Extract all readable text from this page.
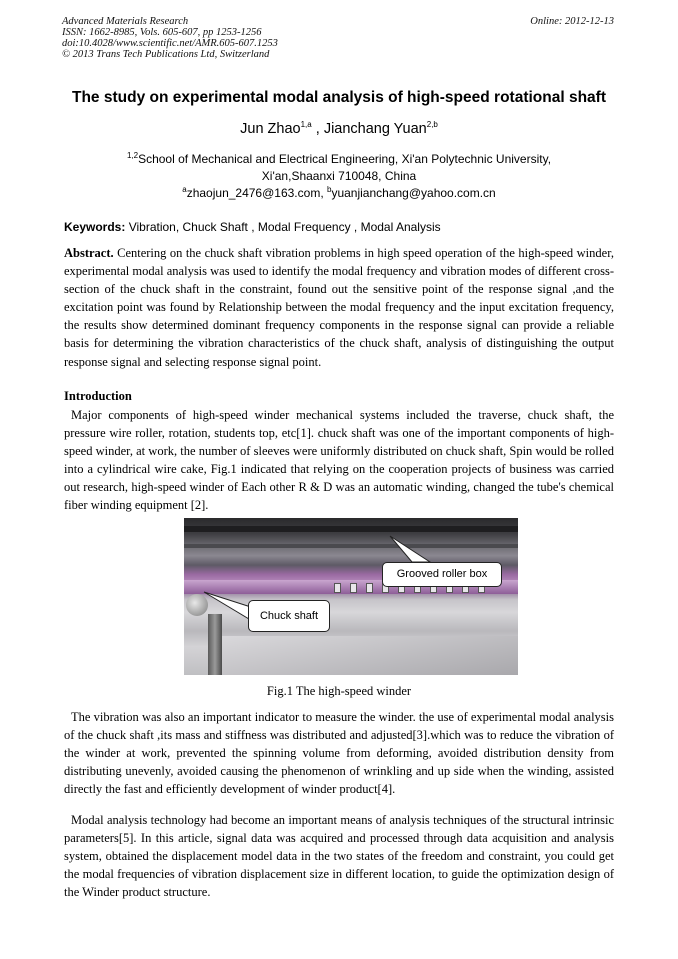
Advanced Materials Research
ISSN: 1662-8985, Vols. 605-607, pp 1253-1256
doi:10.4028/www.scientific.net/AMR.605-607.1253
© 2013 Trans Tech Publications Ltd, Switzerland
Online: 2012-12-13
The study on experimental modal analysis of high-speed rotational shaft
Jun Zhao$^{1,a}$ , Jianchang Yuan$^{2,b}$
$^{1,2}$School of Mechanical and Electrical Engineering, Xi'an Polytechnic University,
Xi'an,Shaanxi 710048, China
$^a$zhaojun_2476@163.com, $^b$yuanjianchang@yahoo.com.cn
Keywords: Vibration, Chuck Shaft , Modal Frequency , Modal Analysis

Abstract. Centering on the chuck shaft vibration problems in high speed operation of the high-speed winder, experimental modal analysis was used to identify the modal frequency and vibration modes of different cross-section of the chuck shaft in the constraint, found out the sensitive point of the response signal ,and the excitation point was found by Relationship between the modal frequency and the input excitation frequency, the results show determined dominant frequency components in the response signal can provide a reliable basis for determining the vibration characteristics of the chuck shaft, analysis of distinguishing the output response signal and selecting response signal point.

Introduction

Major components of high-speed winder mechanical systems included the traverse, chuck shaft, the pressure wire roller, rotation, students top, etc[1]. chuck shaft was one of the important components of high-speed winder, at work, the number of sleeves were uniformly distributed on chuck shaft, Spin would be rolled into a cylindrical wire cake, Fig.1 indicated that relying on the cooperation projects of business was carried out research, high-speed winder of Each other R & D was an automatic winding, changed the tube's chemical fiber winding equipment [2].

Grooved roller box
Chuck shaft
Fig.1 The high-speed winder

The vibration was also an important indicator to measure the winder. the use of experimental modal analysis of the chuck shaft ,its mass and stiffness was distributed and adjusted[3].which was to reduce the vibration of the winder at work, prevented the spinning volume from deforming, avoided distribution density from distributing unevenly, avoided causing the phenomenon of wrinkling and up side when the winding, assisted directly the fast and efficiently development of winder product[4].

Modal analysis technology had become an important means of analysis techniques of the structural intrinsic parameters[5]. In this article, signal data was acquired and processed through data acquisition and analysis system, obtained the displacement model data in the two states of the freedom and constraint, you could get the modal frequencies of vibration displacement size in different location, to guide the optimization design of the Winder product structure.
